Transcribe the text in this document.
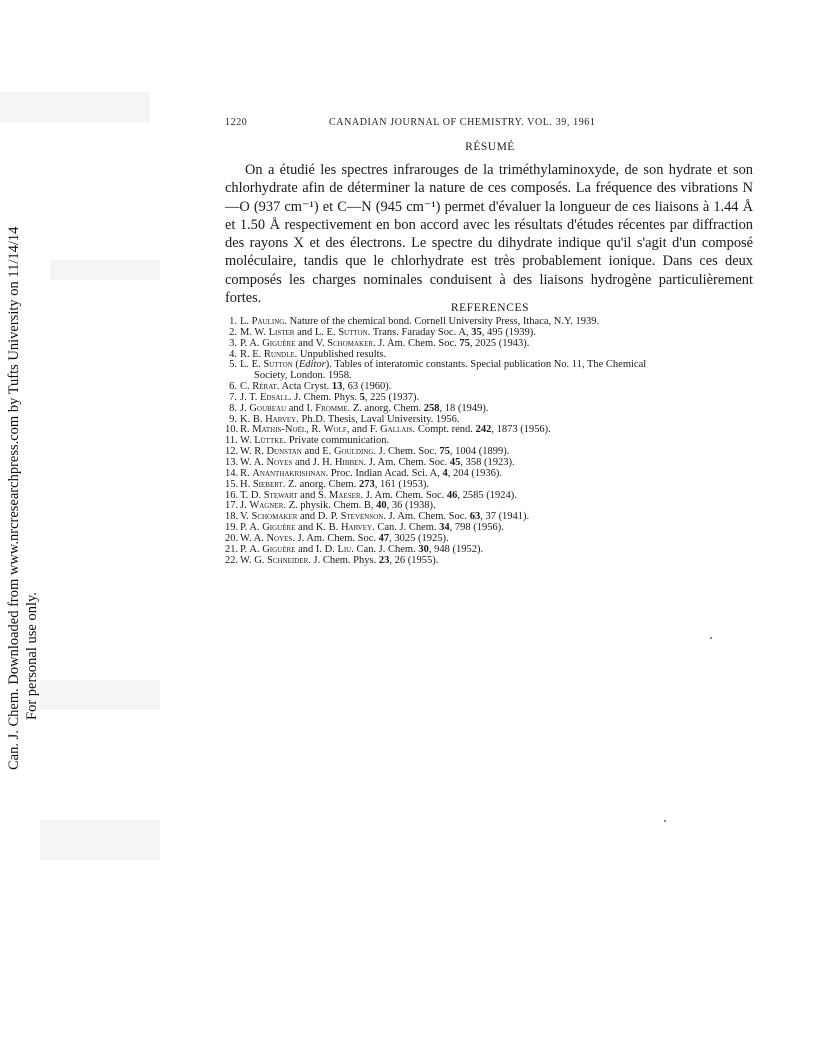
Can. J. Chem. Downloaded from www.nrcresearchpress.com by Tufts University on 11/14/14 For personal use only.
1220	CANADIAN JOURNAL OF CHEMISTRY. VOL. 39, 1961
RÉSUMÉ

On a étudié les spectres infrarouges de la triméthylaminoxyde, de son hydrate et son chlorhydrate afin de déterminer la nature de ces composés. La fréquence des vibrations N—O (937 cm⁻¹) et C—N (945 cm⁻¹) permet d'évaluer la longueur de ces liaisons à 1.44 Å et 1.50 Å respectivement en bon accord avec les résultats d'études récentes par diffraction des rayons X et des électrons. Le spectre du dihydrate indique qu'il s'agit d'un composé moléculaire, tandis que le chlorhydrate est très probablement ionique. Dans ces deux composés les charges nominales conduisent à des liaisons hydrogène particulièrement fortes.

REFERENCES
1. L. Pauling. Nature of the chemical bond. Cornell University Press, Ithaca, N.Y. 1939.
2. M. W. Lister and L. E. Sutton. Trans. Faraday Soc. A, 35, 495 (1939).
3. P. A. Giguère and V. Schomaker. J. Am. Chem. Soc. 75, 2025 (1943).
4. R. E. Rundle. Unpublished results.
5. L. E. Sutton (Editor). Tables of interatomic constants. Special publication No. 11, The Chemical
Society, London. 1958.
6. C. Rérat. Acta Cryst. 13, 63 (1960).
7. J. T. Edsall. J. Chem. Phys. 5, 225 (1937).
8. J. Goubeau and I. Fromme. Z. anorg. Chem. 258, 18 (1949).
9. K. B. Harvey. Ph.D. Thesis, Laval University. 1956.
10. R. Mathis-Noël, R. Wolf, and F. Gallais. Compt. rend. 242, 1873 (1956).
11. W. Lüttke. Private communication.
12. W. R. Dunstan and E. Goulding. J. Chem. Soc. 75, 1004 (1899).
13. W. A. Noyes and J. H. Hibben. J. Am. Chem. Soc. 45, 358 (1923).
14. R. Ananthakrishnan. Proc. Indian Acad. Sci. A, 4, 204 (1936).
15. H. Siebert. Z. anorg. Chem. 273, 161 (1953).
16. T. D. Stewart and S. Maeser. J. Am. Chem. Soc. 46, 2585 (1924).
17. J. Wagner. Z. physik. Chem. B, 40, 36 (1938).
18. V. Schomaker and D. P. Stevenson. J. Am. Chem. Soc. 63, 37 (1941).
19. P. A. Giguère and K. B. Harvey. Can. J. Chem. 34, 798 (1956).
20. W. A. Noyes. J. Am. Chem. Soc. 47, 3025 (1925).
21. P. A. Giguère and I. D. Liu. Can. J. Chem. 30, 948 (1952).
22. W. G. Schneider. J. Chem. Phys. 23, 26 (1955).
